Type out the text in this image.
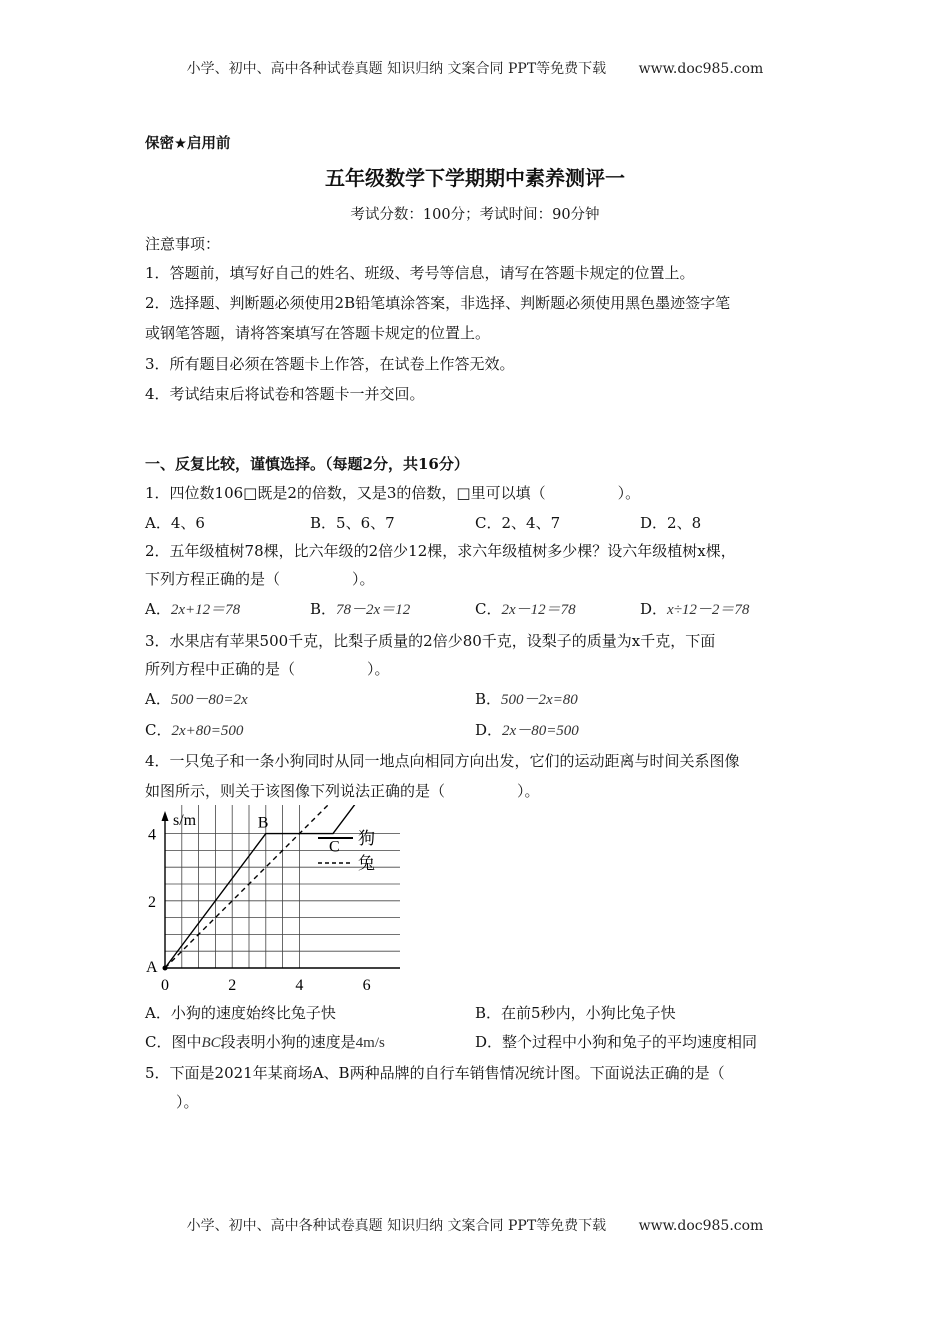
小学、初中、高中各种试卷真题 知识归纳 文案合同 PPT等免费下载 www.doc985.com
保密★启用前
五年级数学下学期期中素养测评一
考试分数：100分；考试时间：90分钟
注意事项：
1．答题前，填写好自己的姓名、班级、考号等信息，请写在答题卡规定的位置上。
2．选择题、判断题必须使用2B铅笔填涂答案，非选择、判断题必须使用黑色墨迹签字笔
或钢笔答题，请将答案填写在答题卡规定的位置上。
3．所有题目必须在答题卡上作答，在试卷上作答无效。
4．考试结束后将试卷和答题卡一并交回。
一、反复比较，谨慎选择。（每题2分，共16分）
1．四位数106□既是2的倍数，又是3的倍数，□里可以填（	）。
A．4、6	B．5、6、7	C．2、4、7	D．2、8
2．五年级植树78棵，比六年级的2倍少12棵，求六年级植树多少棵？设六年级植树x棵，
下列方程正确的是（	）。
A．2x+12＝78	B．78－2x＝12	C．2x－12＝78	D．x÷12－2＝78
3．水果店有苹果500千克，比梨子质量的2倍少80千克，设梨子的质量为x千克，下面
所列方程中正确的是（	）。
A．500－80=2x	B．500－2x=80
C．2x+80=500	D．2x－80=500
4．一只兔子和一条小狗同时从同一地点向相同方向出发，它们的运动距离与时间关系图像
如图所示，则关于该图像下列说法正确的是（	）。
2
4
0	2	4	6
s/m
A
B
C 狗
兔
A．小狗的速度始终比兔子快	B．在前5秒内，小狗比兔子快
C．图中BC段表明小狗的速度是4m/s	D．整个过程中小狗和兔子的平均速度相同
5．下面是2021年某商场A、B两种品牌的自行车销售情况统计图。下面说法正确的是（
）。
小学、初中、高中各种试卷真题 知识归纳 文案合同 PPT等免费下载 www.doc985.com
